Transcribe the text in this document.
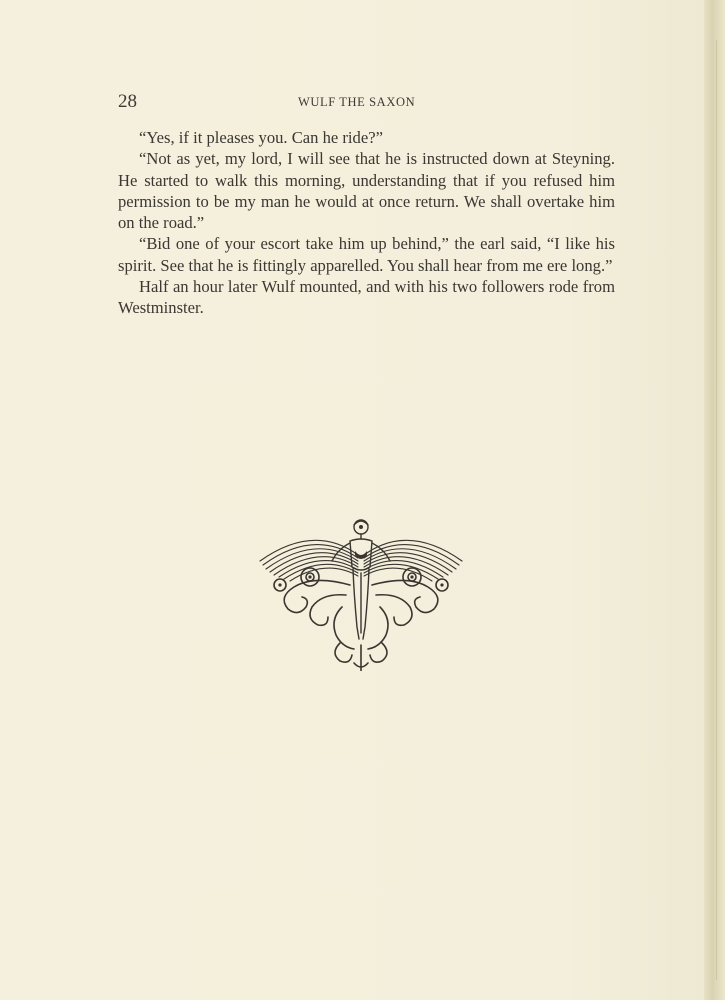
28	WULF THE SAXON

“Yes, if it pleases you. Can he ride?”

“Not as yet, my lord, I will see that he is instructed down at Steyning. He started to walk this morning, understanding that if you refused him permission to be my man he would at once return. We shall overtake him on the road.”

“Bid one of your escort take him up behind,” the earl said, “I like his spirit. See that he is fittingly apparelled. You shall hear from me ere long.”

Half an hour later Wulf mounted, and with his two followers rode from Westminster.
